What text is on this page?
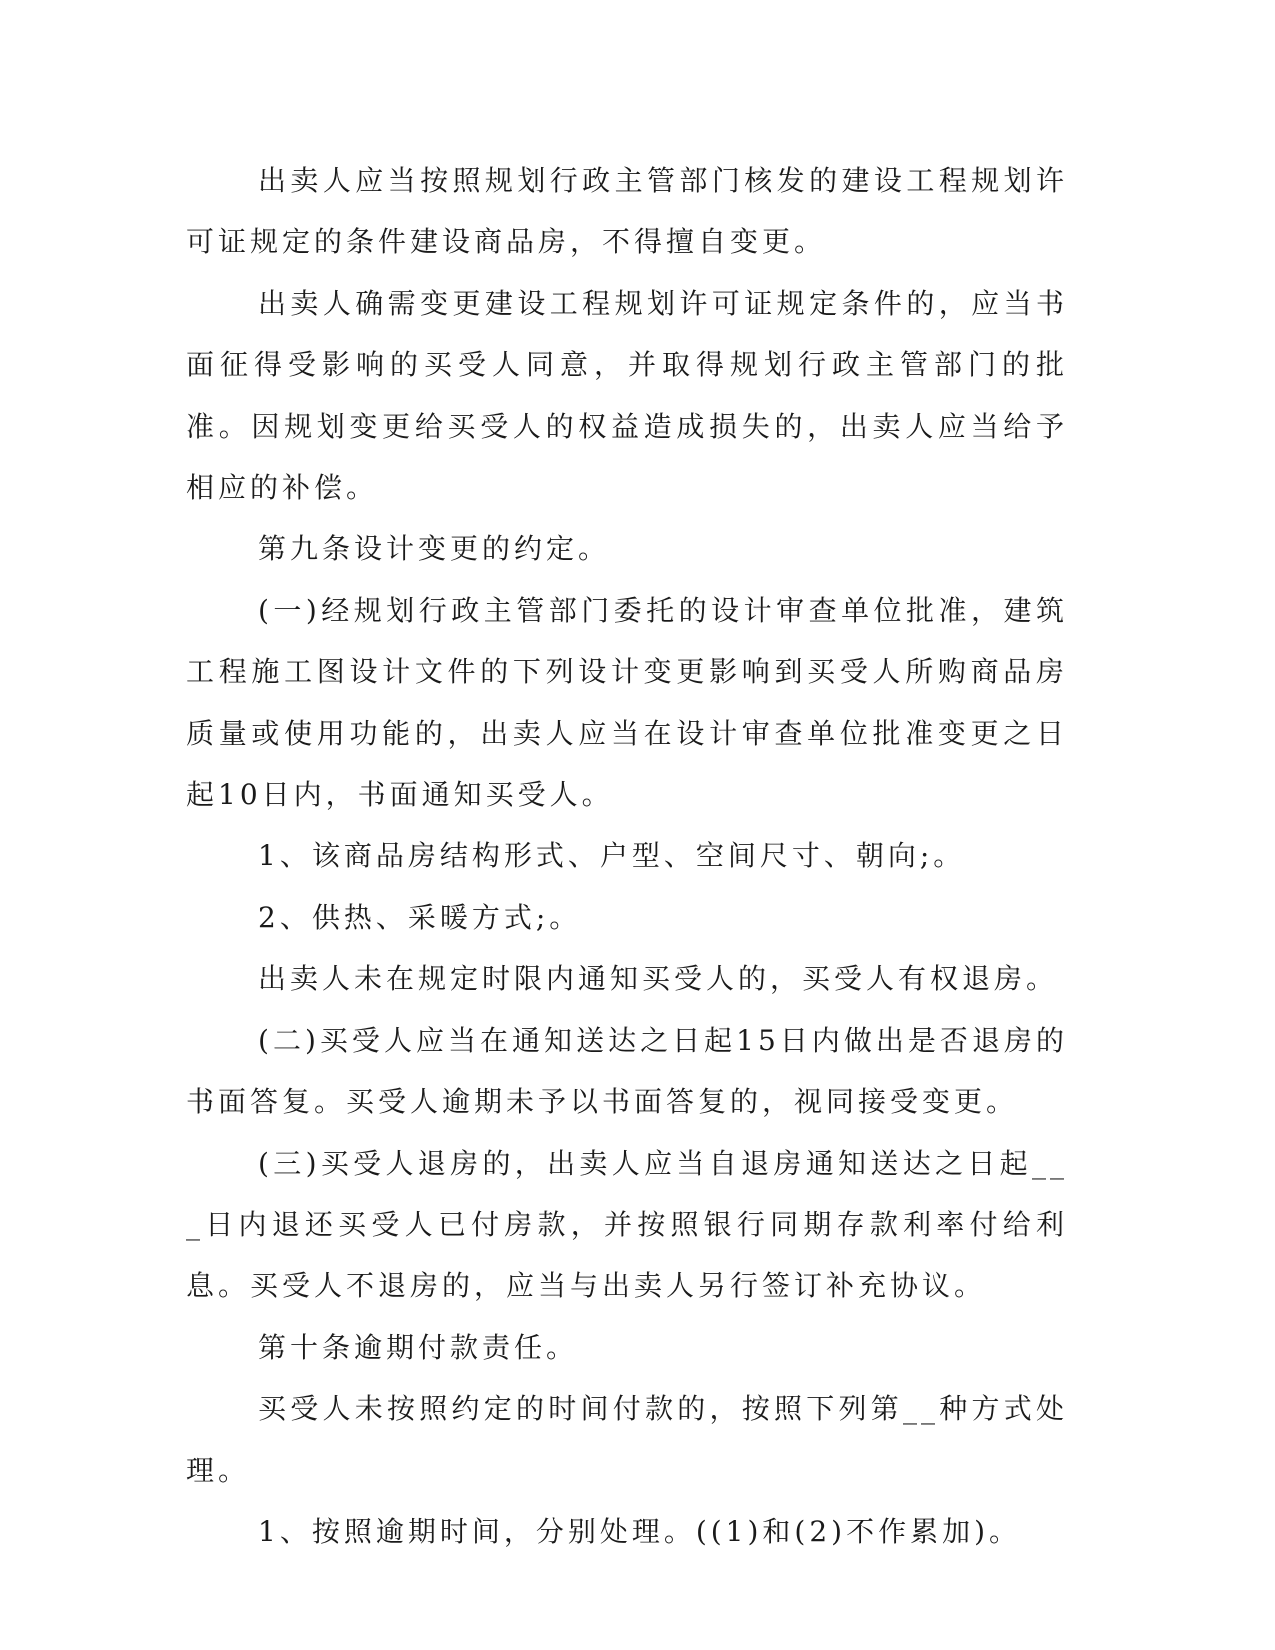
出卖人应当按照规划行政主管部门核发的建设工程规划许可证规定的条件建设商品房，不得擅自变更。

出卖人确需变更建设工程规划许可证规定条件的，应当书面征得受影响的买受人同意，并取得规划行政主管部门的批准。因规划变更给买受人的权益造成损失的，出卖人应当给予相应的补偿。

第九条设计变更的约定。

(一)经规划行政主管部门委托的设计审查单位批准，建筑工程施工图设计文件的下列设计变更影响到买受人所购商品房质量或使用功能的，出卖人应当在设计审查单位批准变更之日起10日内，书面通知买受人。

1、该商品房结构形式、户型、空间尺寸、朝向;。

2、供热、采暖方式;。

出卖人未在规定时限内通知买受人的，买受人有权退房。

(二)买受人应当在通知送达之日起15日内做出是否退房的书面答复。买受人逾期未予以书面答复的，视同接受变更。

(三)买受人退房的，出卖人应当自退房通知送达之日起___日内退还买受人已付房款，并按照银行同期存款利率付给利息。买受人不退房的，应当与出卖人另行签订补充协议。

第十条逾期付款责任。

买受人未按照约定的时间付款的，按照下列第__种方式处理。

1、按照逾期时间，分别处理。((1)和(2)不作累加)。
